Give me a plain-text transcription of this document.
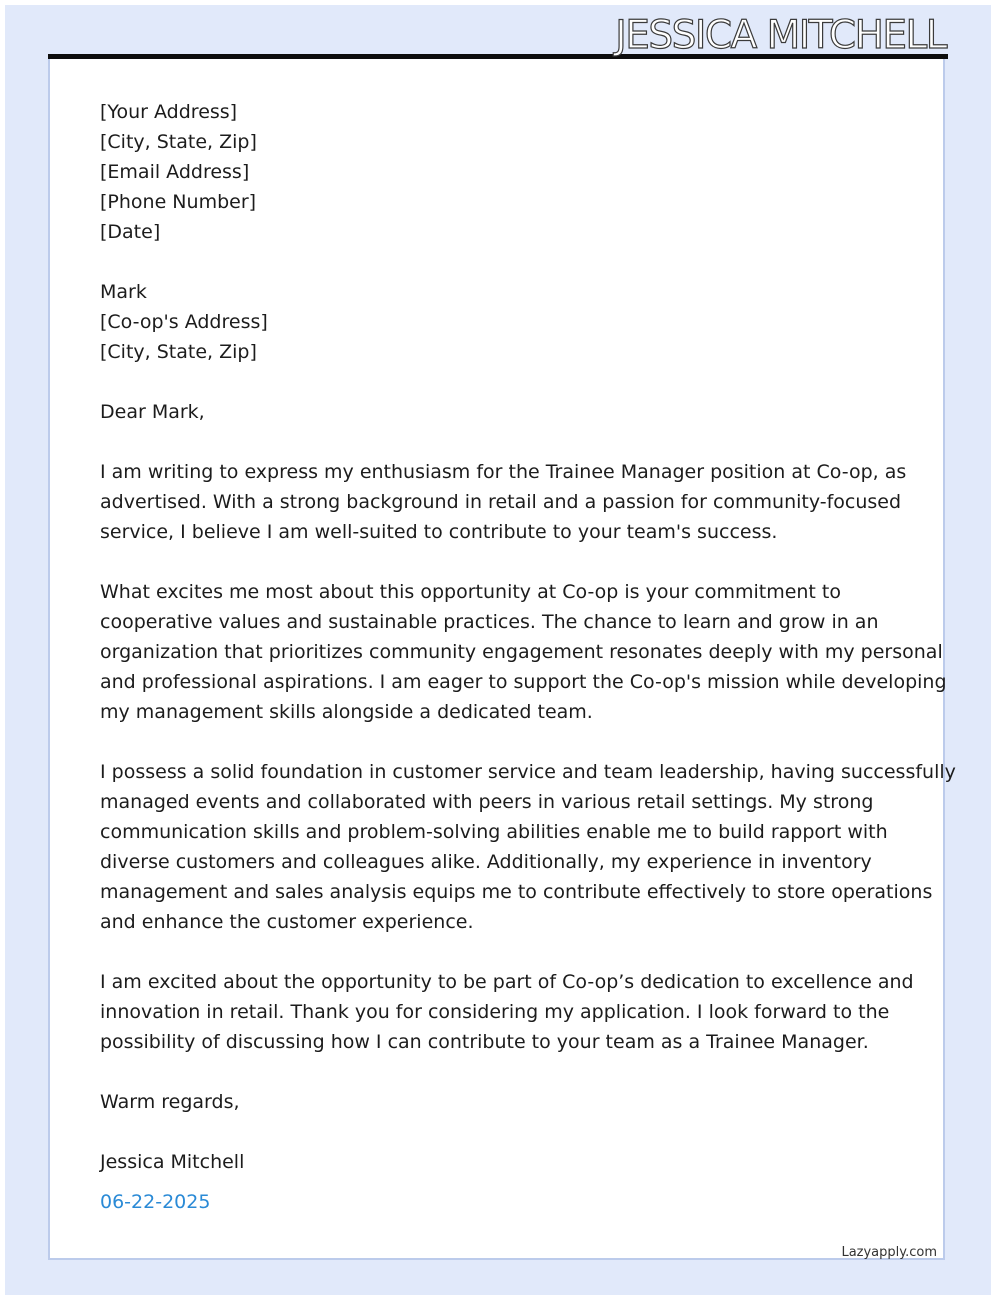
JESSICA MITCHELL
[Your Address]
[City, State, Zip]
[Email Address]
[Phone Number]
[Date]
Mark
[Co-op's Address]
[City, State, Zip]
Dear Mark,

I am writing to express my enthusiasm for the Trainee Manager position at Co-op, as
advertised. With a strong background in retail and a passion for community-focused
service, I believe I am well-suited to contribute to your team's success.

What excites me most about this opportunity at Co-op is your commitment to
cooperative values and sustainable practices. The chance to learn and grow in an
organization that prioritizes community engagement resonates deeply with my personal
and professional aspirations. I am eager to support the Co-op's mission while developing
my management skills alongside a dedicated team.

I possess a solid foundation in customer service and team leadership, having successfully
managed events and collaborated with peers in various retail settings. My strong
communication skills and problem-solving abilities enable me to build rapport with
diverse customers and colleagues alike. Additionally, my experience in inventory
management and sales analysis equips me to contribute effectively to store operations
and enhance the customer experience.

I am excited about the opportunity to be part of Co-op’s dedication to excellence and
innovation in retail. Thank you for considering my application. I look forward to the
possibility of discussing how I can contribute to your team as a Trainee Manager.

Warm regards,
Jessica Mitchell
06-22-2025
Lazyapply.com
